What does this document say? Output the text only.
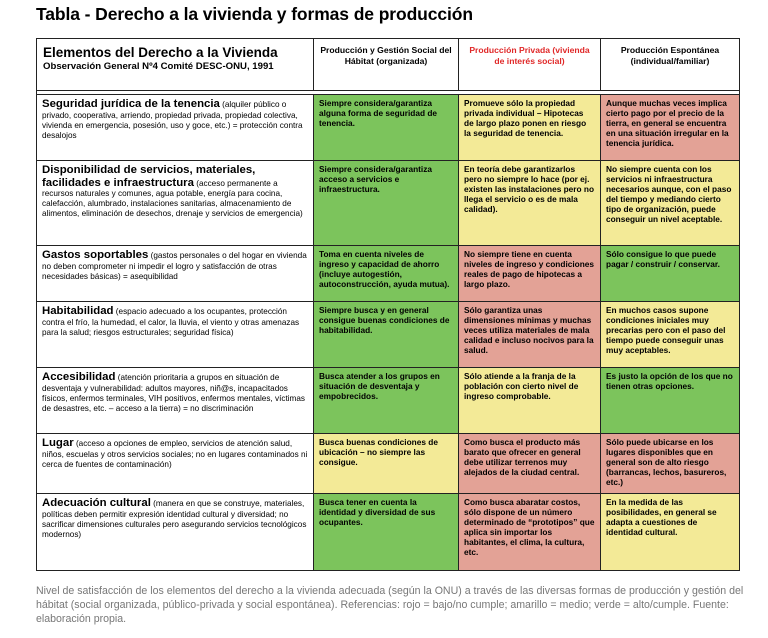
Tabla - Derecho a la vivienda y formas de producción
Elementos del Derecho a la Vivienda
Observación General Nº4 Comité DESC-ONU, 1991	Producción y Gestión Social del Hábitat (organizada)	Producción Privada (vivienda de interés social)	Producción Espontánea (individual/familiar)

Seguridad jurídica de la tenencia (alquiler público o privado, cooperativa, arriendo, propiedad privada, propiedad colectiva, vivienda en emergencia, posesión, uso y goce, etc.) = protección contra desalojos	Siempre considera/garantiza alguna forma de seguridad de tenencia.	Promueve sólo la propiedad privada individual – Hipotecas de largo plazo ponen en riesgo la seguridad de tenencia.	Aunque muchas veces implica cierto pago por el precio de la tierra, en general se encuentra en una situación irregular en la tenencia jurídica.
Disponibilidad de servicios, materiales, facilidades e infraestructura (acceso permanente a recursos naturales y comunes, agua potable, energía para cocina, calefacción, alumbrado, instalaciones sanitarias, almacenamiento de alimentos, eliminación de desechos, drenaje y servicios de emergencia)	Siempre considera/garantiza acceso a servicios e infraestructura.	En teoría debe garantizarlos pero no siempre lo hace (por ej. existen las instalaciones pero no llega el servicio o es de mala calidad).	No siempre cuenta con los servicios ni infraestructura necesarios aunque, con el paso del tiempo y mediando cierto tipo de organización, puede conseguir un nivel aceptable.
Gastos soportables (gastos personales o del hogar en vivienda no deben comprometer ni impedir el logro y satisfacción de otras necesidades básicas) = asequibilidad	Toma en cuenta niveles de ingreso y capacidad de ahorro (incluye autogestión, autoconstrucción, ayuda mutua).	No siempre tiene en cuenta niveles de ingreso y condiciones reales de pago de hipotecas a largo plazo.	Sólo consigue lo que puede pagar / construir / conservar.
Habitabilidad (espacio adecuado a los ocupantes, protección contra el frío, la humedad, el calor, la lluvia, el viento y otras amenazas para la salud; riesgos estructurales; seguridad física)	Siempre busca y en general consigue buenas condiciones de habitabilidad.	Sólo garantiza unas dimensiones mínimas y muchas veces utiliza materiales de mala calidad e incluso nocivos para la salud.	En muchos casos supone condiciones iniciales muy precarias pero con el paso del tiempo puede conseguir unas muy aceptables.
Accesibilidad (atención prioritaria a grupos en situación de desventaja y vulnerabilidad: adultos mayores, niñ@s, incapacitados físicos, enfermos terminales, VIH positivos, enfermos mentales, víctimas de desastres, etc. – acceso a la tierra) = no discriminación	Busca atender a los grupos en situación de desventaja y empobrecidos.	Sólo atiende a la franja de la población con cierto nivel de ingreso comprobable.	Es justo la opción de los que no tienen otras opciones.
Lugar (acceso a opciones de empleo, servicios de atención salud, niños, escuelas y otros servicios sociales; no en lugares contaminados ni cerca de fuentes de contaminación)	Busca buenas condiciones de ubicación – no siempre las consigue.	Como busca el producto más barato que ofrecer en general debe utilizar terrenos muy alejados de la ciudad central.	Sólo puede ubicarse en los lugares disponibles que en general son de alto riesgo (barrancas, lechos, basureros, etc.)
Adecuación cultural (manera en que se construye, materiales, políticas deben permitir expresión identidad cultural y diversidad; no sacrificar dimensiones culturales pero asegurando servicios tecnológicos modernos)	Busca tener en cuenta la identidad y diversidad de sus ocupantes.	Como busca abaratar costos, sólo dispone de un número determinado de “prototipos” que aplica sin importar los habitantes, el clima, la cultura, etc.	En la medida de las posibilidades, en general se adapta a cuestiones de identidad cultural.
Nivel de satisfacción de los elementos del derecho a la vivienda adecuada (según la ONU) a través de las diversas formas de producción y gestión del hábitat (social organizada, público-privada y social espontánea). Referencias: rojo = bajo/no cumple; amarillo = medio; verde = alto/cumple. Fuente: elaboración propia.
